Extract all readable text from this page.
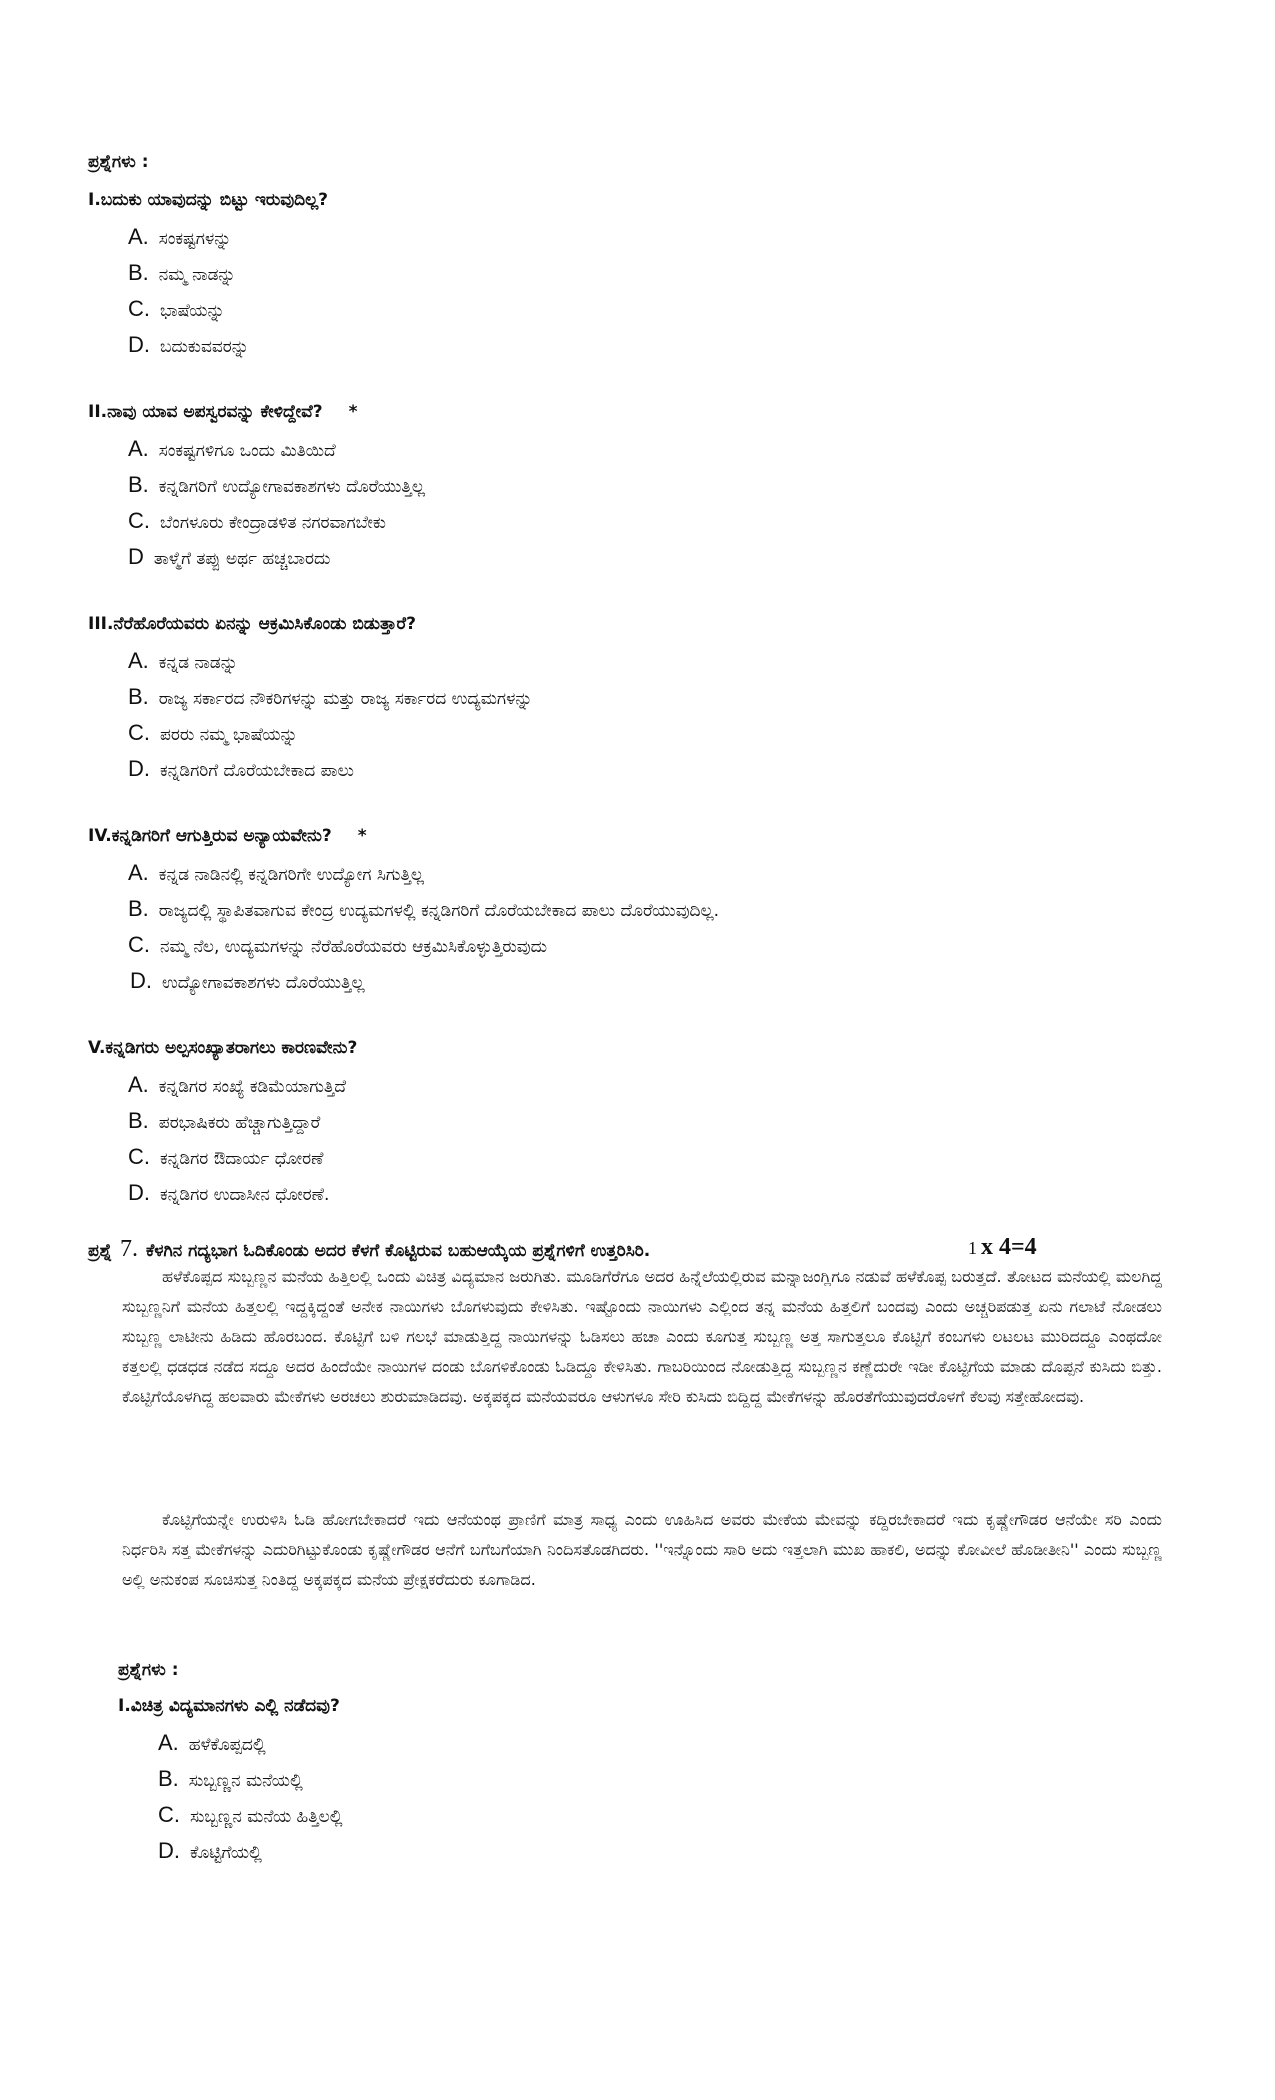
ಪ್ರಶ್ನೆಗಳು :
I.ಬದುಕು ಯಾವುದನ್ನು ಬಿಟ್ಟು ಇರುವುದಿಲ್ಲ?
A. ಸಂಕಷ್ಟಗಳನ್ನು
B. ನಮ್ಮ ನಾಡನ್ನು
C. ಭಾಷೆಯನ್ನು
D. ಬದುಕುವವರನ್ನು
II.ನಾವು ಯಾವ ಅಪಸ್ವರವನ್ನು ಕೇಳಿದ್ದೇವೆ? *
A. ಸಂಕಷ್ಟಗಳಿಗೂ ಒಂದು ಮಿತಿಯಿದೆ
B. ಕನ್ನಡಿಗರಿಗೆ ಉದ್ಯೋಗಾವಕಾಶಗಳು ದೊರೆಯುತ್ತಿಲ್ಲ
C. ಬೆಂಗಳೂರು ಕೇಂದ್ರಾಡಳಿತ ನಗರವಾಗಬೇಕು
D ತಾಳ್ಮೆಗೆ ತಪ್ಪು ಅರ್ಥ ಹಚ್ಚಬಾರದು
III.ನೆರೆಹೊರೆಯವರು ಏನನ್ನು ಆಕ್ರಮಿಸಿಕೊಂಡು ಬಿಡುತ್ತಾರೆ?
A. ಕನ್ನಡ ನಾಡನ್ನು
B. ರಾಜ್ಯ ಸರ್ಕಾರದ ನೌಕರಿಗಳನ್ನು ಮತ್ತು ರಾಜ್ಯ ಸರ್ಕಾರದ ಉದ್ಯಮಗಳನ್ನು
C. ಪರರು ನಮ್ಮ ಭಾಷೆಯನ್ನು
D. ಕನ್ನಡಿಗರಿಗೆ ದೊರೆಯಬೇಕಾದ ಪಾಲು
IV.ಕನ್ನಡಿಗರಿಗೆ ಆಗುತ್ತಿರುವ ಅನ್ಯಾಯವೇನು? *
A. ಕನ್ನಡ ನಾಡಿನಲ್ಲಿ ಕನ್ನಡಿಗರಿಗೇ ಉದ್ಯೋಗ ಸಿಗುತ್ತಿಲ್ಲ
B. ರಾಜ್ಯದಲ್ಲಿ ಸ್ಥಾಪಿತವಾಗುವ ಕೇಂದ್ರ ಉದ್ಯಮಗಳಲ್ಲಿ ಕನ್ನಡಿಗರಿಗೆ ದೊರೆಯಬೇಕಾದ ಪಾಲು ದೊರೆಯುವುದಿಲ್ಲ.
C. ನಮ್ಮ ನೆಲ, ಉದ್ಯಮಗಳನ್ನು ನೆರೆಹೊರೆಯವರು ಆಕ್ರಮಿಸಿಕೊಳ್ಳುತ್ತಿರುವುದು
D. ಉದ್ಯೋಗಾವಕಾಶಗಳು ದೊರೆಯುತ್ತಿಲ್ಲ
V.ಕನ್ನಡಿಗರು ಅಲ್ಪಸಂಖ್ಯಾತರಾಗಲು ಕಾರಣವೇನು?
A. ಕನ್ನಡಿಗರ ಸಂಖ್ಯೆ ಕಡಿಮೆಯಾಗುತ್ತಿದೆ
B. ಪರಭಾಷಿಕರು ಹೆಚ್ಚಾಗುತ್ತಿದ್ದಾರೆ
C. ಕನ್ನಡಿಗರ ಔದಾರ್ಯ ಧೋರಣೆ
D. ಕನ್ನಡಿಗರ ಉದಾಸೀನ ಧೋರಣೆ.
ಪ್ರಶ್ನೆ 7. ಕೆಳಗಿನ ಗದ್ಯಭಾಗ ಓದಿಕೊಂಡು ಅದರ ಕೆಳಗೆ ಕೊಟ್ಟಿರುವ ಬಹುಆಯ್ಕೆಯ ಪ್ರಶ್ನೆಗಳಿಗೆ ಉತ್ತರಿಸಿರಿ.	1 x 4=4
ಹಳೆಕೊಪ್ಪದ ಸುಬ್ಬಣ್ಣನ ಮನೆಯ ಹಿತ್ತಿಲಲ್ಲಿ ಒಂದು ವಿಚಿತ್ರ ವಿದ್ಯಮಾನ ಜರುಗಿತು. ಮೂಡಿಗೆರೆಗೂ ಅದರ ಹಿನ್ನೆಲೆಯಲ್ಲಿರುವ ಮನ್ನಾಜಂಗ್ಲಿಗೂ ನಡುವೆ ಹಳೆಕೊಪ್ಪ ಬರುತ್ತದೆ. ತೋಟದ ಮನೆಯಲ್ಲಿ ಮಲಗಿದ್ದ ಸುಬ್ಬಣ್ಣನಿಗೆ ಮನೆಯ ಹಿತ್ತಲಲ್ಲಿ ಇದ್ದಕ್ಕಿದ್ದಂತೆ ಅನೇಕ ನಾಯಿಗಳು ಬೊಗಳುವುದು ಕೇಳಿಸಿತು. ಇಷ್ಟೊಂದು ನಾಯಿಗಳು ಎಲ್ಲಿಂದ ತನ್ನ ಮನೆಯ ಹಿತ್ತಲಿಗೆ ಬಂದವು ಎಂದು ಅಚ್ಚರಿಪಡುತ್ತ ಏನು ಗಲಾಟೆ ನೋಡಲು ಸುಬ್ಬಣ್ಣ ಲಾಟೀನು ಹಿಡಿದು ಹೊರಬಂದ. ಕೊಟ್ಟಿಗೆ ಬಳಿ ಗಲಭೆ ಮಾಡುತ್ತಿದ್ದ ನಾಯಿಗಳನ್ನು ಓಡಿಸಲು ಹಚಾ ಎಂದು ಕೂಗುತ್ತ ಸುಬ್ಬಣ್ಣ ಅತ್ತ ಸಾಗುತ್ತಲೂ ಕೊಟ್ಟಿಗೆ ಕಂಬಗಳು ಲಟಲಟ ಮುರಿದದ್ದೂ ಎಂಥದೋ ಕತ್ತಲಲ್ಲಿ ಧಡಧಡ ನಡೆದ ಸದ್ದೂ ಅದರ ಹಿಂದೆಯೇ ನಾಯಿಗಳ ದಂಡು ಬೊಗಳಿಕೊಂಡು ಓಡಿದ್ದೂ ಕೇಳಿಸಿತು. ಗಾಬರಿಯಿಂದ ನೋಡುತ್ತಿದ್ದ ಸುಬ್ಬಣ್ಣನ ಕಣ್ಣೆದುರೇ ಇಡೀ ಕೊಟ್ಟಿಗೆಯ ಮಾಡು ದೊಪ್ಪನೆ ಕುಸಿದು ಬಿತ್ತು. ಕೊಟ್ಟಿಗೆಯೊಳಗಿದ್ದ ಹಲವಾರು ಮೇಕೆಗಳು ಅರಚಲು ಶುರುಮಾಡಿದವು. ಅಕ್ಕಪಕ್ಕದ ಮನೆಯವರೂ ಆಳುಗಳೂ ಸೇರಿ ಕುಸಿದು ಬಿದ್ದಿದ್ದ ಮೇಕೆಗಳನ್ನು ಹೊರತೆಗೆಯುವುದರೊಳಗೆ ಕೆಲವು ಸತ್ತೇಹೋದವು.
ಕೊಟ್ಟಿಗೆಯನ್ನೇ ಉರುಳಿಸಿ ಓಡಿ ಹೋಗಬೇಕಾದರೆ ಇದು ಆನೆಯಂಥ ಪ್ರಾಣಿಗೆ ಮಾತ್ರ ಸಾಧ್ಯ ಎಂದು ಊಹಿಸಿದ ಅವರು ಮೇಕೆಯ ಮೇವನ್ನು ಕದ್ದಿರಬೇಕಾದರೆ ಇದು ಕೃಷ್ಣೇಗೌಡರ ಆನೆಯೇ ಸರಿ ಎಂದು ನಿರ್ಧರಿಸಿ ಸತ್ತ ಮೇಕೆಗಳನ್ನು ಎದುರಿಗಿಟ್ಟುಕೊಂಡು ಕೃಷ್ಣೇಗೌಡರ ಆನೆಗೆ ಬಗೆಬಗೆಯಾಗಿ ನಿಂದಿಸತೊಡಗಿದರು. ''ಇನ್ನೊಂದು ಸಾರಿ ಅದು ಇತ್ತಲಾಗಿ ಮುಖ ಹಾಕಲಿ, ಅದನ್ನು ಕೋವೀಲೆ ಹೊಡೀತೀನಿ'' ಎಂದು ಸುಬ್ಬಣ್ಣ ಅಲ್ಲಿ ಅನುಕಂಪ ಸೂಚಿಸುತ್ತ ನಿಂತಿದ್ದ ಅಕ್ಕಪಕ್ಕದ ಮನೆಯ ಪ್ರೇಕ್ಷಕರೆದುರು ಕೂಗಾಡಿದ.
ಪ್ರಶ್ನೆಗಳು :
I.ವಿಚಿತ್ರ ವಿದ್ಯಮಾನಗಳು ಎಲ್ಲಿ ನಡೆದವು?
A. ಹಳೆಕೊಪ್ಪದಲ್ಲಿ
B. ಸುಬ್ಬಣ್ಣನ ಮನೆಯಲ್ಲಿ
C. ಸುಬ್ಬಣ್ಣನ ಮನೆಯ ಹಿತ್ತಿಲಲ್ಲಿ
D. ಕೊಟ್ಟಿಗೆಯಲ್ಲಿ
